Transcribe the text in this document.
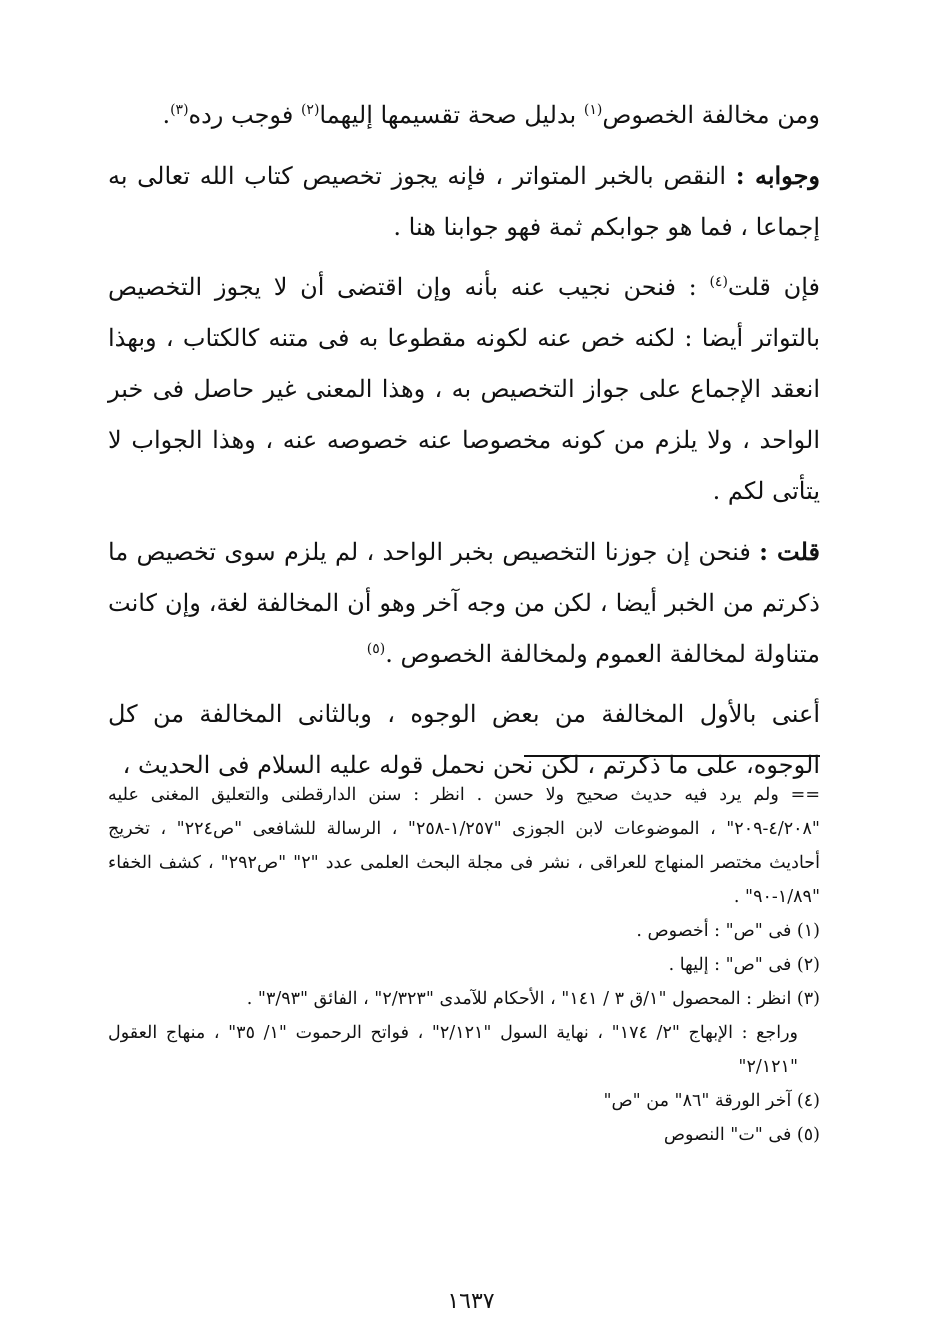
ومن مخالفة الخصوص$^{(١)}$ بدليل صحة تقسيمها إليهما$^{(٢)}$ فوجب رده$^{(٣)}$.

وجوابه : النقص بالخبر المتواتر ، فإنه يجوز تخصيص كتاب الله تعالى به إجماعا ، فما هو جوابكم ثمة فهو جوابنا هنا .

فإن قلت$^{(٤)}$ : فنحن نجيب عنه بأنه وإن اقتضى أن لا يجوز التخصيص بالتواتر أيضا : لكنه خص عنه لكونه مقطوعا به فى متنه كالكتاب ، وبهذا انعقد الإجماع على جواز التخصيص به ، وهذا المعنى غير حاصل فى خبر الواحد ، ولا يلزم من كونه مخصوصا عنه خصوصه عنه ، وهذا الجواب لا يتأتى لكم .

قلت : فنحن إن جوزنا التخصيص بخبر الواحد ، لم يلزم سوى تخصيص ما ذكرتم من الخبر أيضا ، لكن من وجه آخر وهو أن المخالفة لغة، وإن كانت متناولة لمخالفة العموم ولمخالفة الخصوص .$^{(٥)}$

أعنى بالأول المخالفة من بعض الوجوه ، وبالثانى المخالفة من كل الوجوه، على ما ذكرتم ، لكن نحن نحمل قوله عليه السلام فى الحديث ،

== ولم يرد فيه حديث صحيح ولا حسن . انظر : سنن الدارقطنى والتعليق المغنى عليه "٤/٢٠٨-٢٠٩" ، الموضوعات لابن الجوزى "١/٢٥٧-٢٥٨" ، الرسالة للشافعى "ص٢٢٤" ، تخريج أحاديث مختصر المنهاج للعراقى ، نشر فى مجلة البحث العلمى عدد "٢" "ص٢٩٢" ، كشف الخفاء "١/٨٩-٩٠" .

(١) فى "ص" : أخصوص .

(٢) فى "ص" : إليها .

(٣) انظر : المحصول "١/ق ٣ / ١٤١" ، الأحكام للآمدى "٢/٣٢٣" ، الفائق "٣/٩٣" .

وراجع : الإبهاج "٢/ ١٧٤" ، نهاية السول "٢/١٢١" ، فواتح الرحموت "١/ ٣٥" ، منهاج العقول "٢/١٢١"

(٤) آخر الورقة "٨٦" من "ص"

(٥) فى "ت" النصوص

١٦٣٧
